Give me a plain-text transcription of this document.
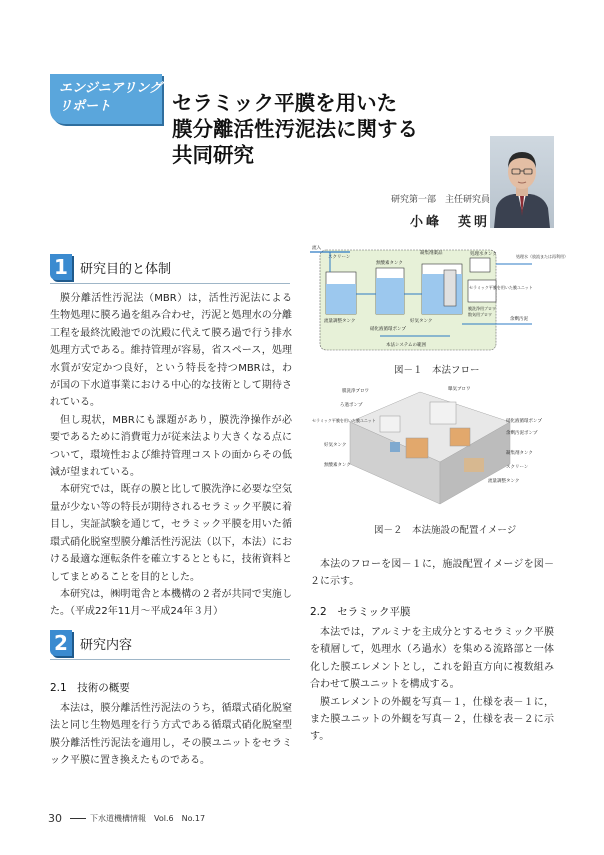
エンジニアリング
リポート	セラミック平膜を用いた
膜分離活性汚泥法に関する
共同研究
研究第一部　主任研究員
小峰　英明
1 研究目的と体制

膜分離活性汚泥法（MBR）は，活性汚泥法による生物処理に膜ろ過を組み合わせ，汚泥と処理水の分離工程を最終沈殿池での沈殿に代えて膜ろ過で行う排水処理方式である。維持管理が容易，省スペース，処理水質が安定かつ良好，という特長を持つMBRは，わが国の下水道事業における中心的な技術として期待されている。

但し現状，MBRにも課題があり，膜洗浄操作が必要であるために消費電力が従来法より大きくなる点について，環境性および維持管理コストの面からその低減が望まれている。

本研究では，既存の膜と比して膜洗浄に必要な空気量が少ない等の特長が期待されるセラミック平膜に着目し，実証試験を通じて，セラミック平膜を用いた循環式硝化脱窒型膜分離活性汚泥法（以下，本法）における最適な運転条件を確立するとともに，技術資料としてまとめることを目的とした。

本研究は，㈱明電舎と本機構の２者が共同で実施した。（平成22年11月～平成24年３月）

2 研究内容
2.1　技術の概要

本法は，膜分離活性汚泥法のうち，循環式硝化脱窒法と同じ生物処理を行う方式である循環式硝化脱窒型膜分離活性汚泥法を適用し，その膜ユニットをセラミック平膜に置き換えたものである。

流入
スクリーン
流量調整タンク
無酸素タンク
好気タンク
凝集剤薬品
セラミック平膜を用いた膜ユニット
処理水タンク	処理水（放流または再利用）
余剰汚泥
硝化液循環ポンプ
膜洗浄用ブロワ
散気用ブロワ
本法システムの範囲
図－１　本法フロー
膜洗浄ブロワ	曝気ブロワ
ろ過ポンプ
セラミック平膜を用いた膜ユニット	硝化液循環ポンプ
余剰汚泥ポンプ
好気タンク
無酸素タンク
凝集剤タンク
スクリーン
流量調整タンク
図－２　本法施設の配置イメージ

本法のフローを図－１に，施設配置イメージを図－２に示す。

2.2　セラミック平膜

本法では，アルミナを主成分とするセラミック平膜を積層して，処理水（ろ過水）を集める流路部と一体化した膜エレメントとし，これを鉛直方向に複数組み合わせて膜ユニットを構成する。

膜エレメントの外観を写真－１，仕様を表－１に，また膜ユニットの外観を写真－２，仕様を表－２に示す。

30	下水道機構情報　Vol.6　No.17
